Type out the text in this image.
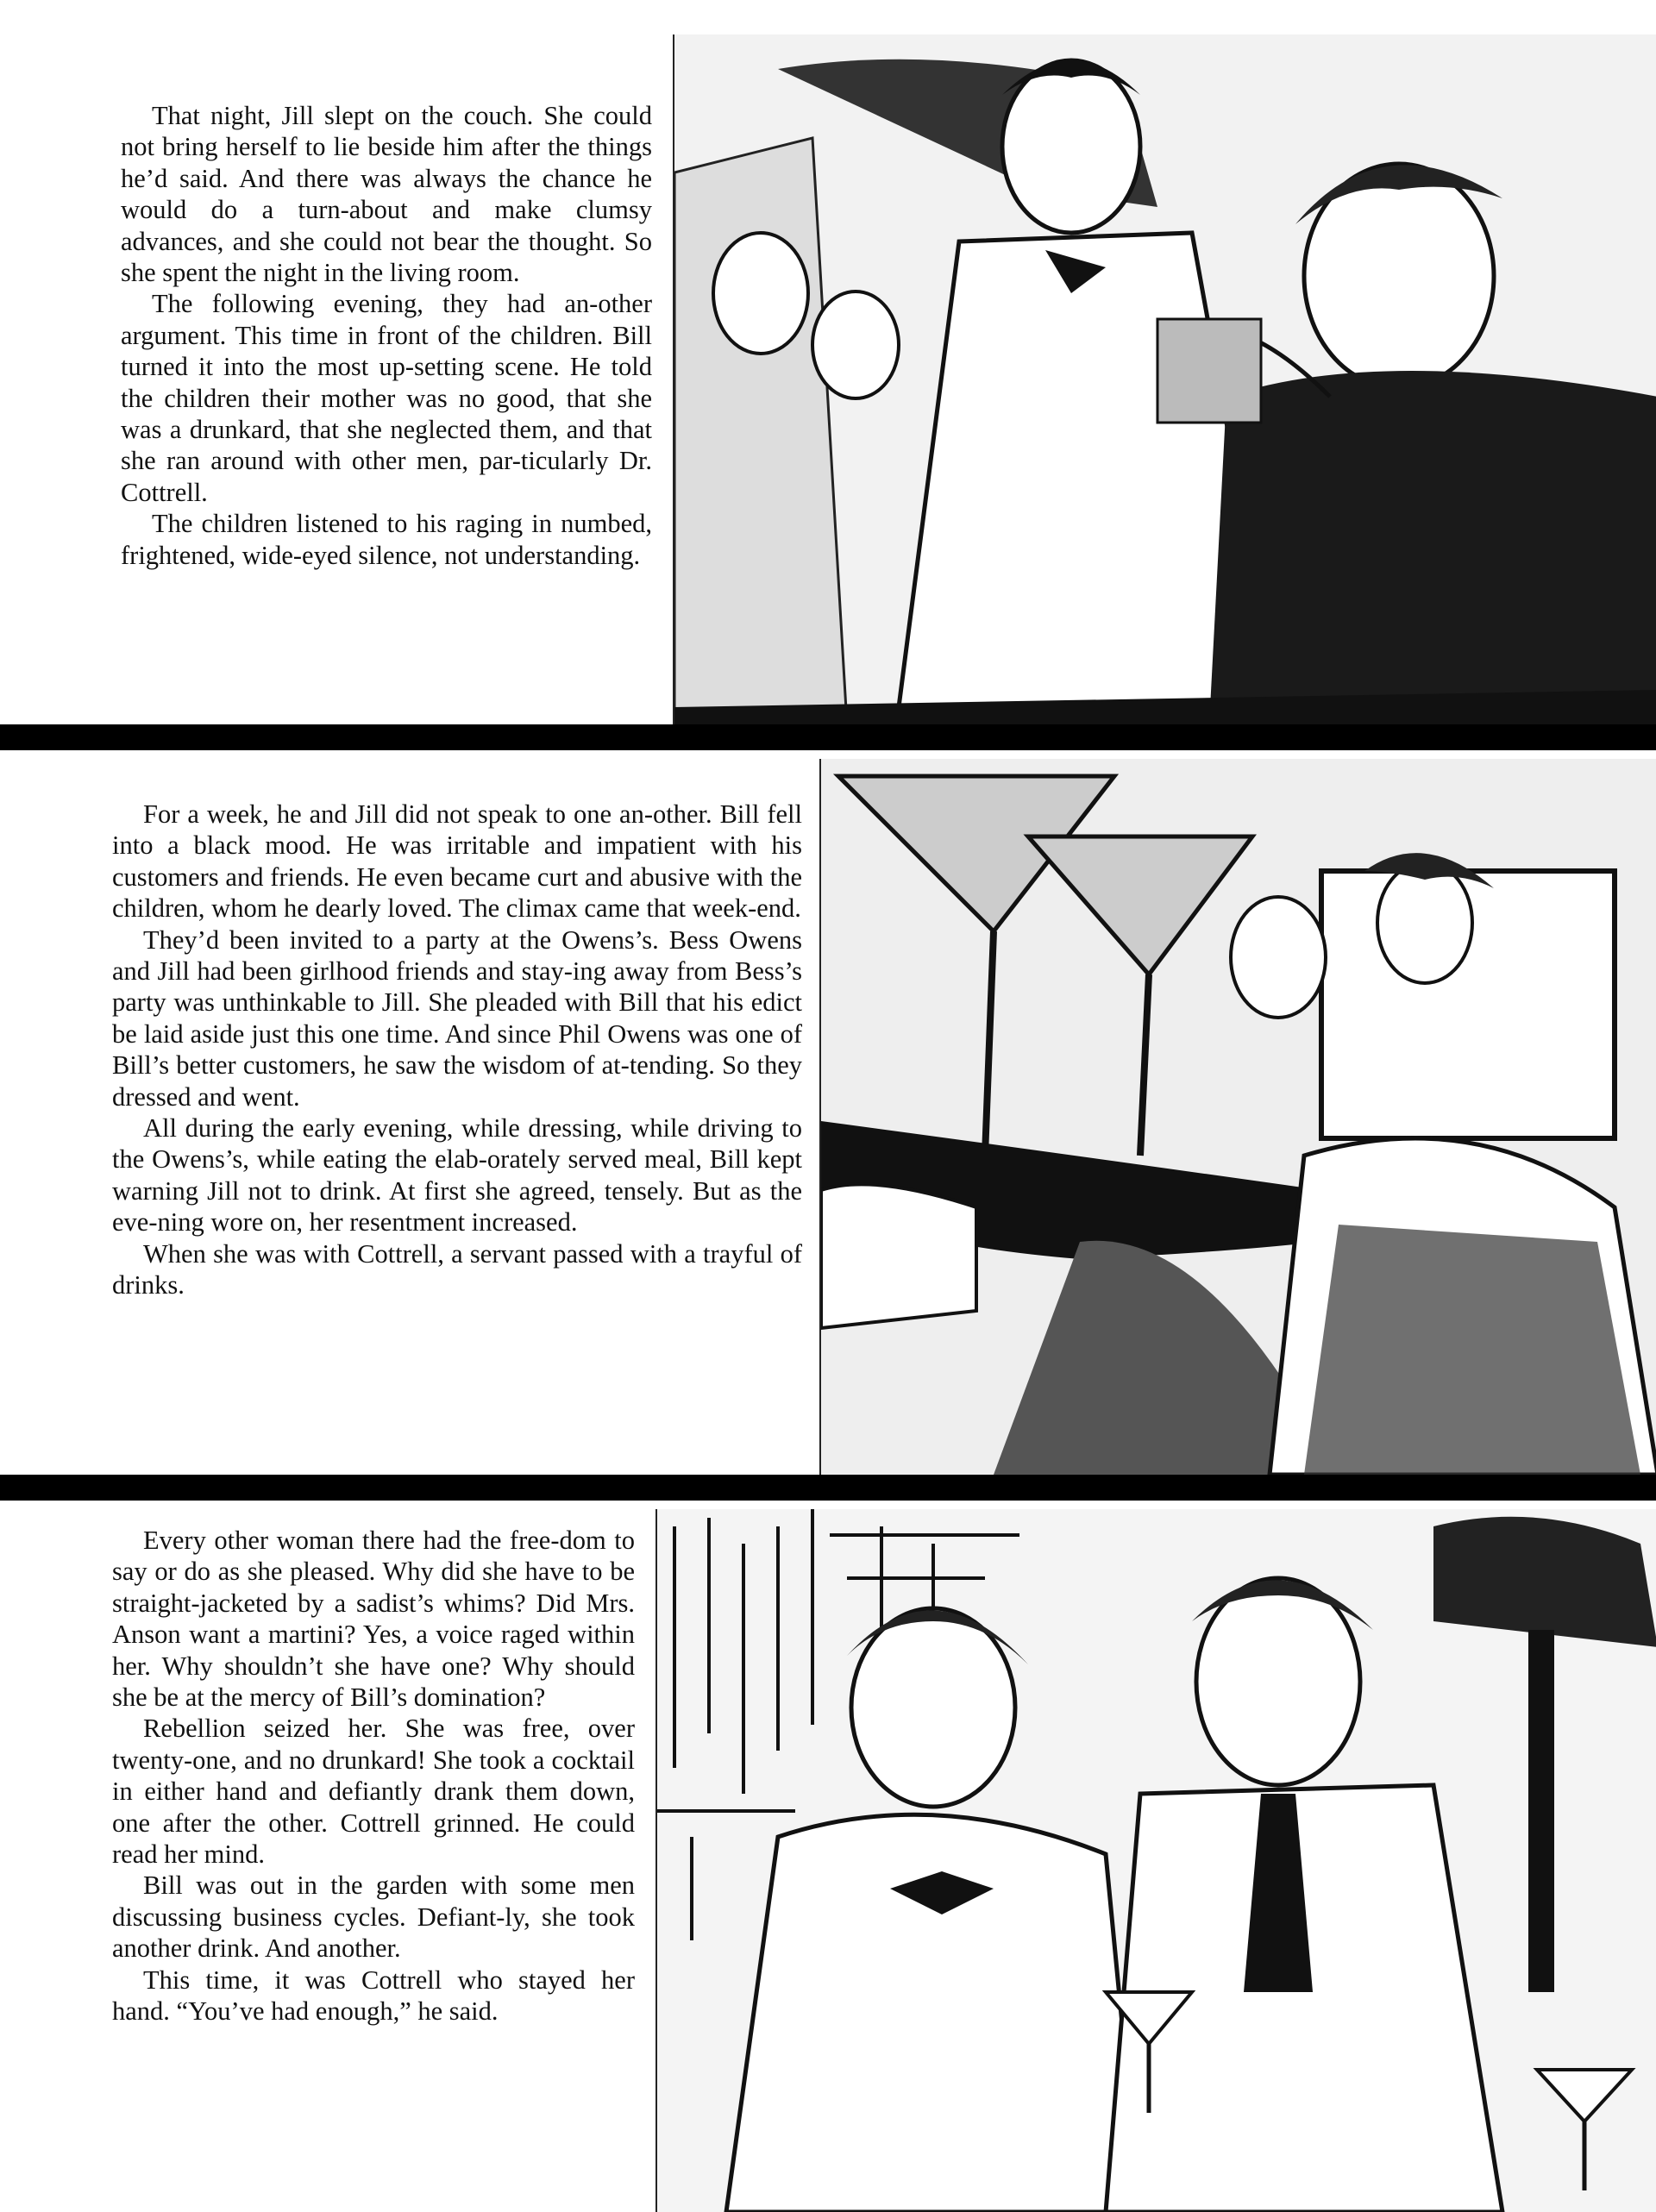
That night, Jill slept on the couch. She could not bring herself to lie beside him after the things he’d said. And there was always the chance he would do a turn-about and make clumsy advances, and she could not bear the thought. So she spent the night in the living room.

The following evening, they had an-other argument. This time in front of the children. Bill turned it into the most up-setting scene. He told the children their mother was no good, that she was a drunkard, that she neglected them, and that she ran around with other men, par-ticularly Dr. Cottrell.

The children listened to his raging in numbed, frightened, wide-eyed silence, not understanding.

For a week, he and Jill did not speak to one an-other. Bill fell into a black mood. He was irritable and impatient with his customers and friends. He even became curt and abusive with the children, whom he dearly loved. The climax came that week-end.

They’d been invited to a party at the Owens’s. Bess Owens and Jill had been girlhood friends and stay-ing away from Bess’s party was unthinkable to Jill. She pleaded with Bill that his edict be laid aside just this one time. And since Phil Owens was one of Bill’s better customers, he saw the wisdom of at-tending. So they dressed and went.

All during the early evening, while dressing, while driving to the Owens’s, while eating the elab-orately served meal, Bill kept warning Jill not to drink. At first she agreed, tensely. But as the eve-ning wore on, her resentment increased.

When she was with Cottrell, a servant passed with a trayful of drinks.

Every other woman there had the free-dom to say or do as she pleased. Why did she have to be straight-jacketed by a sadist’s whims? Did Mrs. Anson want a martini? Yes, a voice raged within her. Why shouldn’t she have one? Why should she be at the mercy of Bill’s domination?

Rebellion seized her. She was free, over twenty-one, and no drunkard! She took a cocktail in either hand and defiantly drank them down, one after the other. Cottrell grinned. He could read her mind.

Bill was out in the garden with some men discussing business cycles. Defiant-ly, she took another drink. And another.

This time, it was Cottrell who stayed her hand. “You’ve had enough,” he said.
